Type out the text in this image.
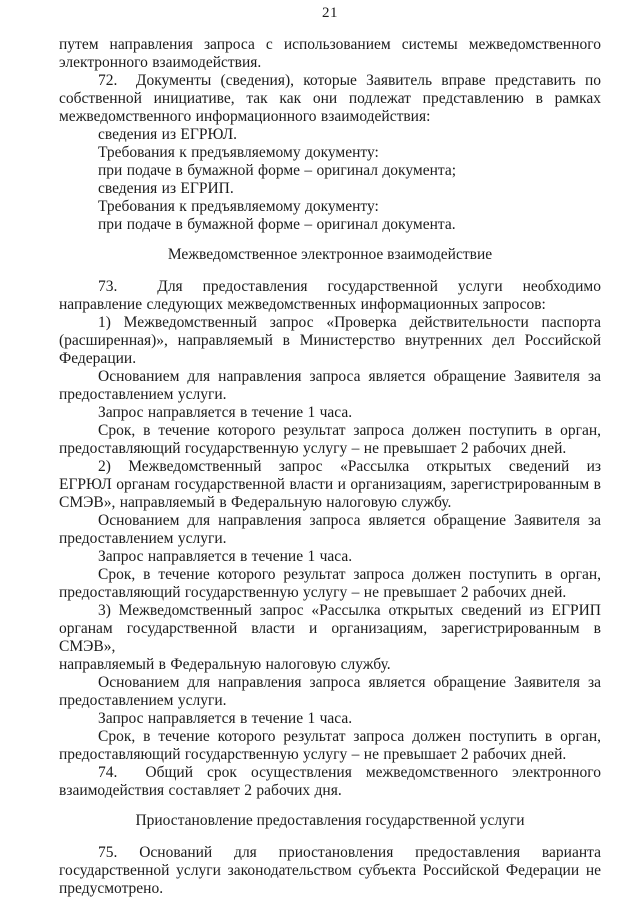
21
путем направления запроса с использованием системы межведомственного
электронного взаимодействия.
72.  Документы (сведения), которые Заявитель вправе представить по
собственной инициативе, так как они подлежат представлению в рамках
межведомственного информационного взаимодействия:
сведения из ЕГРЮЛ.
Требования к предъявляемому документу:
при подаче в бумажной форме – оригинал документа;
сведения из ЕГРИП.
Требования к предъявляемому документу:
при подаче в бумажной форме – оригинал документа.
Межведомственное электронное взаимодействие
73.  Для предоставления государственной услуги необходимо
направление следующих межведомственных информационных запросов:
1) Межведомственный запрос «Проверка действительности паспорта
(расширенная)», направляемый в Министерство внутренних дел Российской
Федерации.
Основанием для направления запроса является обращение Заявителя за
предоставлением услуги.
Запрос направляется в течение 1 часа.
Срок, в течение которого результат запроса должен поступить в орган,
предоставляющий государственную услугу – не превышает 2 рабочих дней.
2) Межведомственный запрос «Рассылка открытых сведений из
ЕГРЮЛ органам государственной власти и организациям, зарегистрированным в
СМЭВ», направляемый в Федеральную налоговую службу.
Основанием для направления запроса является обращение Заявителя за
предоставлением услуги.
Запрос направляется в течение 1 часа.
Срок, в течение которого результат запроса должен поступить в орган,
предоставляющий государственную услугу – не превышает 2 рабочих дней.
3) Межведомственный запрос «Рассылка открытых сведений из ЕГРИП
органам государственной власти и организациям, зарегистрированным в СМЭВ»,
направляемый в Федеральную налоговую службу.
Основанием для направления запроса является обращение Заявителя за
предоставлением услуги.
Запрос направляется в течение 1 часа.
Срок, в течение которого результат запроса должен поступить в орган,
предоставляющий государственную услугу – не превышает 2 рабочих дней.
74.  Общий срок осуществления межведомственного электронного
взаимодействия составляет 2 рабочих дня.
Приостановление предоставления государственной услуги
75. Оснований для приостановления предоставления варианта
государственной услуги законодательством субъекта Российской Федерации не
предусмотрено.
